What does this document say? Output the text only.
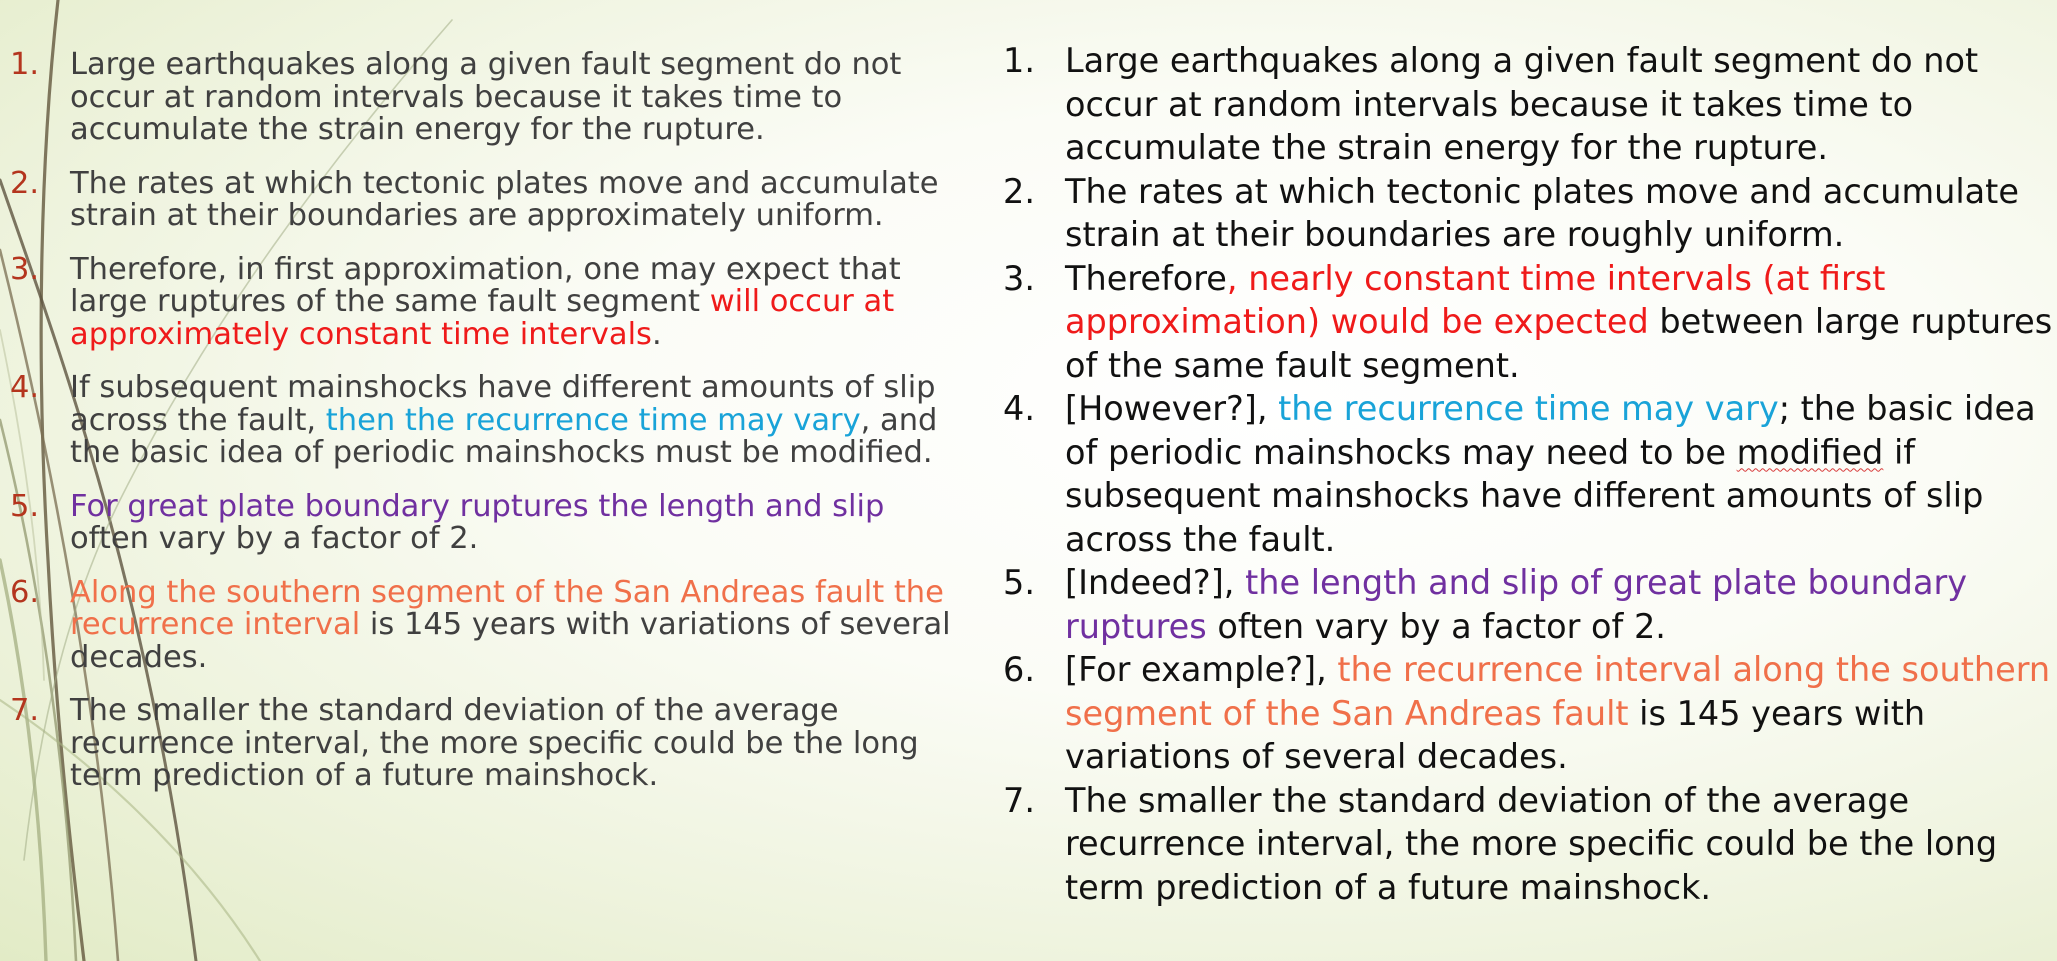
1. Large earthquakes along a given fault segment do not occur at random intervals because it takes time to accumulate the strain energy for the rupture.
2. The rates at which tectonic plates move and accumulate strain at their boundaries are approximately uniform.
3. Therefore, in first approximation, one may expect that large ruptures of the same fault segment will occur at approximately constant time intervals.
4. If subsequent mainshocks have different amounts of slip across the fault, then the recurrence time may vary, and the basic idea of periodic mainshocks must be modified.
5. For great plate boundary ruptures the length and slip often vary by a factor of 2.
6. Along the southern segment of the San Andreas fault the recurrence interval is 145 years with variations of several decades.
7. The smaller the standard deviation of the average recurrence interval, the more specific could be the long term prediction of a future mainshock.
1. Large earthquakes along a given fault segment do not occur at random intervals because it takes time to accumulate the strain energy for the rupture.
2. The rates at which tectonic plates move and accumulate strain at their boundaries are roughly uniform.
3. Therefore, nearly constant time intervals (at first approximation) would be expected between large ruptures of the same fault segment.
4. [However?], the recurrence time may vary; the basic idea of periodic mainshocks may need to be modified if subsequent mainshocks have different amounts of slip across the fault.
5. [Indeed?], the length and slip of great plate boundary ruptures often vary by a factor of 2.
6. [For example?], the recurrence interval along the southern segment of the San Andreas fault is 145 years with variations of several decades.
7. The smaller the standard deviation of the average recurrence interval, the more specific could be the long term prediction of a future mainshock.
